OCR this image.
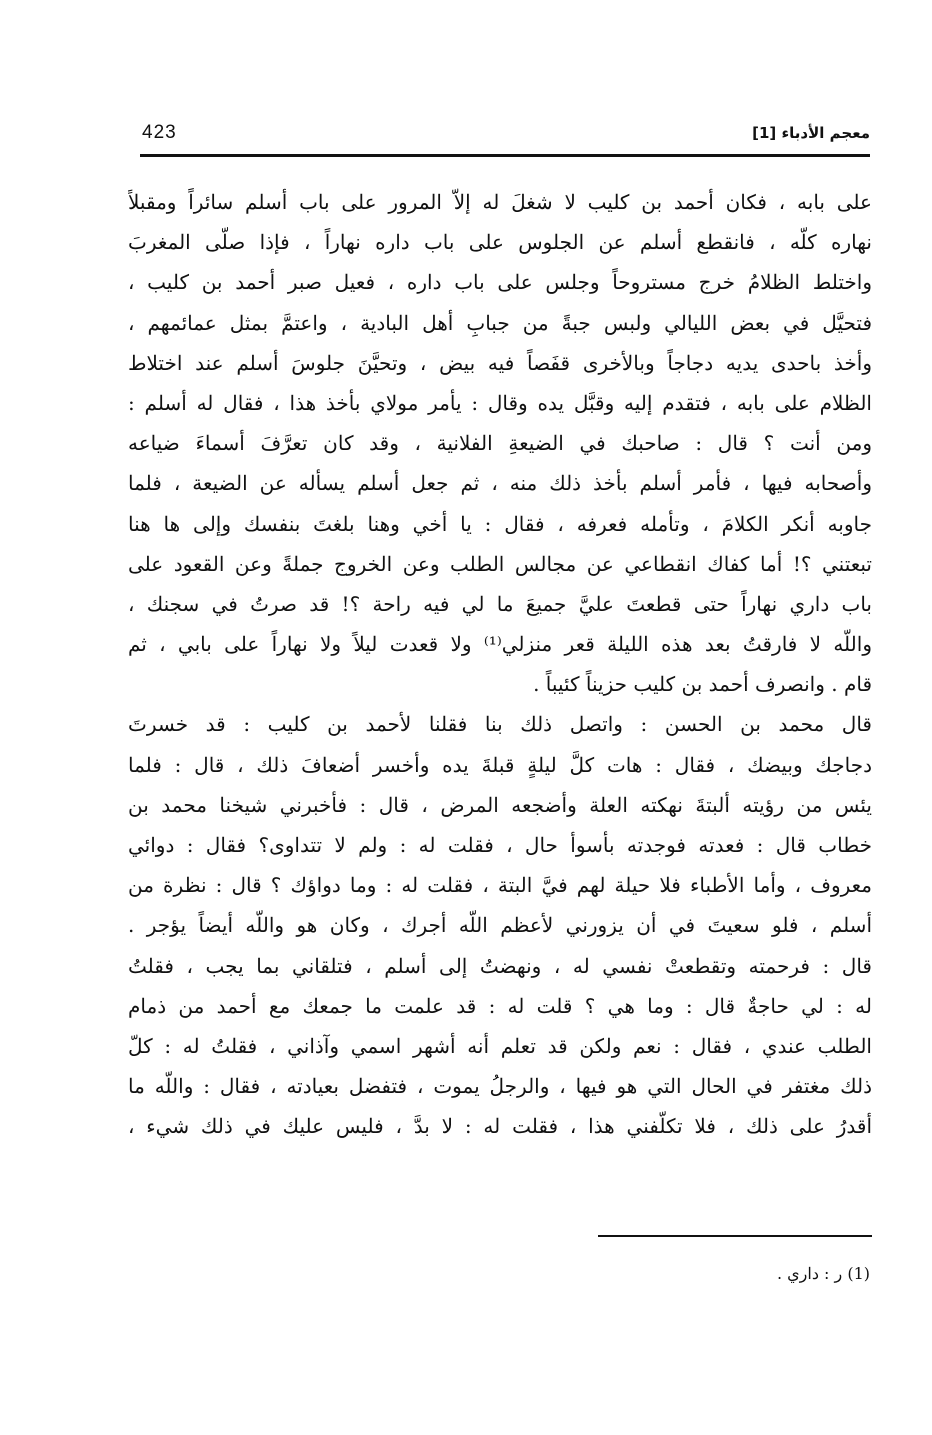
423	معجم الأدباء [1]
على بابه ، فكان أحمد بن كليب لا شغلَ له إلاّ المرور على باب أسلم سائراً ومقبلاً
نهاره كلّه ، فانقطع أسلم عن الجلوس على باب داره نهاراً ، فإذا صلّى المغربَ
واختلط الظلامُ خرج مستروحاً وجلس على باب داره ، فعيل صبر أحمد بن كليب ،
فتحيَّل في بعض الليالي ولبس جبةً من جبابِ أهل البادية ، واعتمَّ بمثل عمائمهم ،
وأخذ باحدى يديه دجاجاً وبالأخرى قفَصاً فيه بيض ، وتحيَّنَ جلوسَ أسلم عند اختلاط
الظلام على بابه ، فتقدم إليه وقبَّل يده وقال : يأمر مولاي بأخذ هذا ، فقال له أسلم :
ومن أنت ؟ قال : صاحبك في الضيعةِ الفلانية ، وقد كان تعرَّفَ أسماءَ ضياعه
وأصحابه فيها ، فأمر أسلم بأخذ ذلك منه ، ثم جعل أسلم يسأله عن الضيعة ، فلما
جاوبه أنكر الكلامَ ، وتأمله فعرفه ، فقال : يا أخي وهنا بلغتَ بنفسك وإلى ها هنا
تبعتني ؟! أما كفاك انقطاعي عن مجالس الطلب وعن الخروج جملةً وعن القعود على
باب داري نهاراً حتى قطعتَ عليَّ جميعَ ما لي فيه راحة ؟! قد صرتُ في سجنك ،
واللّه لا فارقتُ بعد هذه الليلة قعر منزلي⁽¹⁾ ولا قعدت ليلاً ولا نهاراً على بابي ، ثم
قام . وانصرف أحمد بن كليب حزيناً كئيباً .
قال محمد بن الحسن : واتصل ذلك بنا فقلنا لأحمد بن كليب : قد خسرتَ
دجاجك وبيضك ، فقال : هات كلَّ ليلةٍ قبلةَ يده وأخسر أضعافَ ذلك ، قال : فلما
يئس من رؤيته ألبتةَ نهكته العلة وأضجعه المرض ، قال : فأخبرني شيخنا محمد بن
خطاب قال : فعدته فوجدته بأسوأ حال ، فقلت له : ولم لا تتداوى؟ فقال : دوائي
معروف ، وأما الأطباء فلا حيلة لهم فيَّ البتة ، فقلت له : وما دواؤك ؟ قال : نظرة من
أسلم ، فلو سعيتَ في أن يزورني لأعظم اللّه أجرك ، وكان هو واللّه أيضاً يؤجر .
قال : فرحمته وتقطعتْ نفسي له ، ونهضتُ إلى أسلم ، فتلقاني بما يجب ، فقلتُ
له : لي حاجةٌ قال : وما هي ؟ قلت له : قد علمت ما جمعك مع أحمد من ذمام
الطلب عندي ، فقال : نعم ولكن قد تعلم أنه أشهر اسمي وآذاني ، فقلتُ له : كلّ
ذلك مغتفر في الحال التي هو فيها ، والرجلُ يموت ، فتفضل بعيادته ، فقال : واللّه ما
أقدرُ على ذلك ، فلا تكلّفني هذا ، فقلت له : لا بدَّ ، فليس عليك في ذلك شيء ،
(1) ر : داري .
